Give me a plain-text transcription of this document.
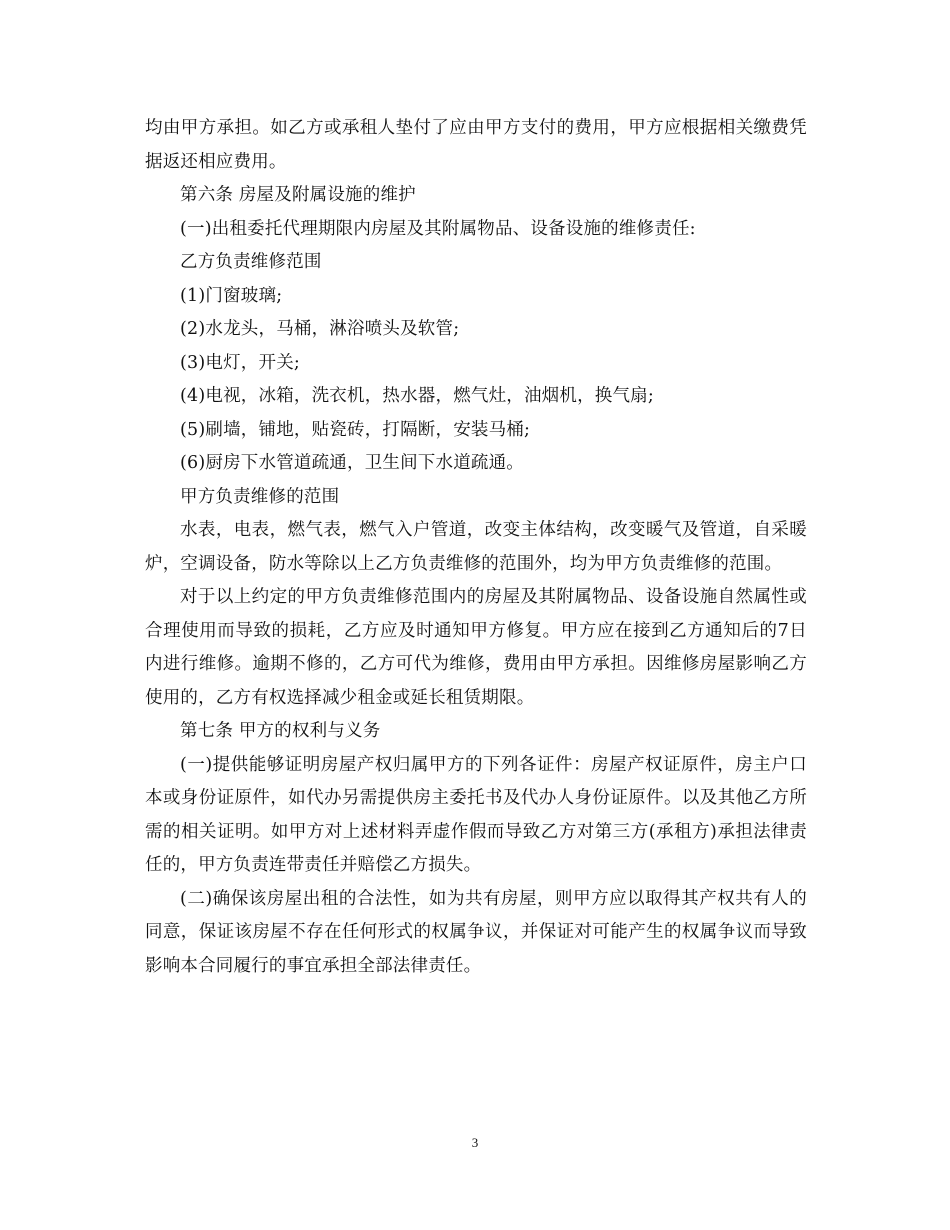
均由甲方承担。如乙方或承租人垫付了应由甲方支付的费用，甲方应根据相关缴费凭据返还相应费用。

第六条 房屋及附属设施的维护

(一)出租委托代理期限内房屋及其附属物品、设备设施的维修责任:

乙方负责维修范围

(1)门窗玻璃;

(2)水龙头，马桶，淋浴喷头及软管;

(3)电灯，开关;

(4)电视，冰箱，洗衣机，热水器，燃气灶，油烟机，换气扇;

(5)刷墙，铺地，贴瓷砖，打隔断，安装马桶;

(6)厨房下水管道疏通，卫生间下水道疏通。

甲方负责维修的范围

水表，电表，燃气表，燃气入户管道，改变主体结构，改变暖气及管道，自采暖炉，空调设备，防水等除以上乙方负责维修的范围外，均为甲方负责维修的范围。

对于以上约定的甲方负责维修范围内的房屋及其附属物品、设备设施自然属性或合理使用而导致的损耗，乙方应及时通知甲方修复。甲方应在接到乙方通知后的7日内进行维修。逾期不修的，乙方可代为维修，费用由甲方承担。因维修房屋影响乙方使用的，乙方有权选择减少租金或延长租赁期限。

第七条 甲方的权利与义务

(一)提供能够证明房屋产权归属甲方的下列各证件：房屋产权证原件，房主户口本或身份证原件，如代办另需提供房主委托书及代办人身份证原件。以及其他乙方所需的相关证明。如甲方对上述材料弄虚作假而导致乙方对第三方(承租方)承担法律责任的，甲方负责连带责任并赔偿乙方损失。

(二)确保该房屋出租的合法性，如为共有房屋，则甲方应以取得其产权共有人的同意，保证该房屋不存在任何形式的权属争议，并保证对可能产生的权属争议而导致影响本合同履行的事宜承担全部法律责任。

3
